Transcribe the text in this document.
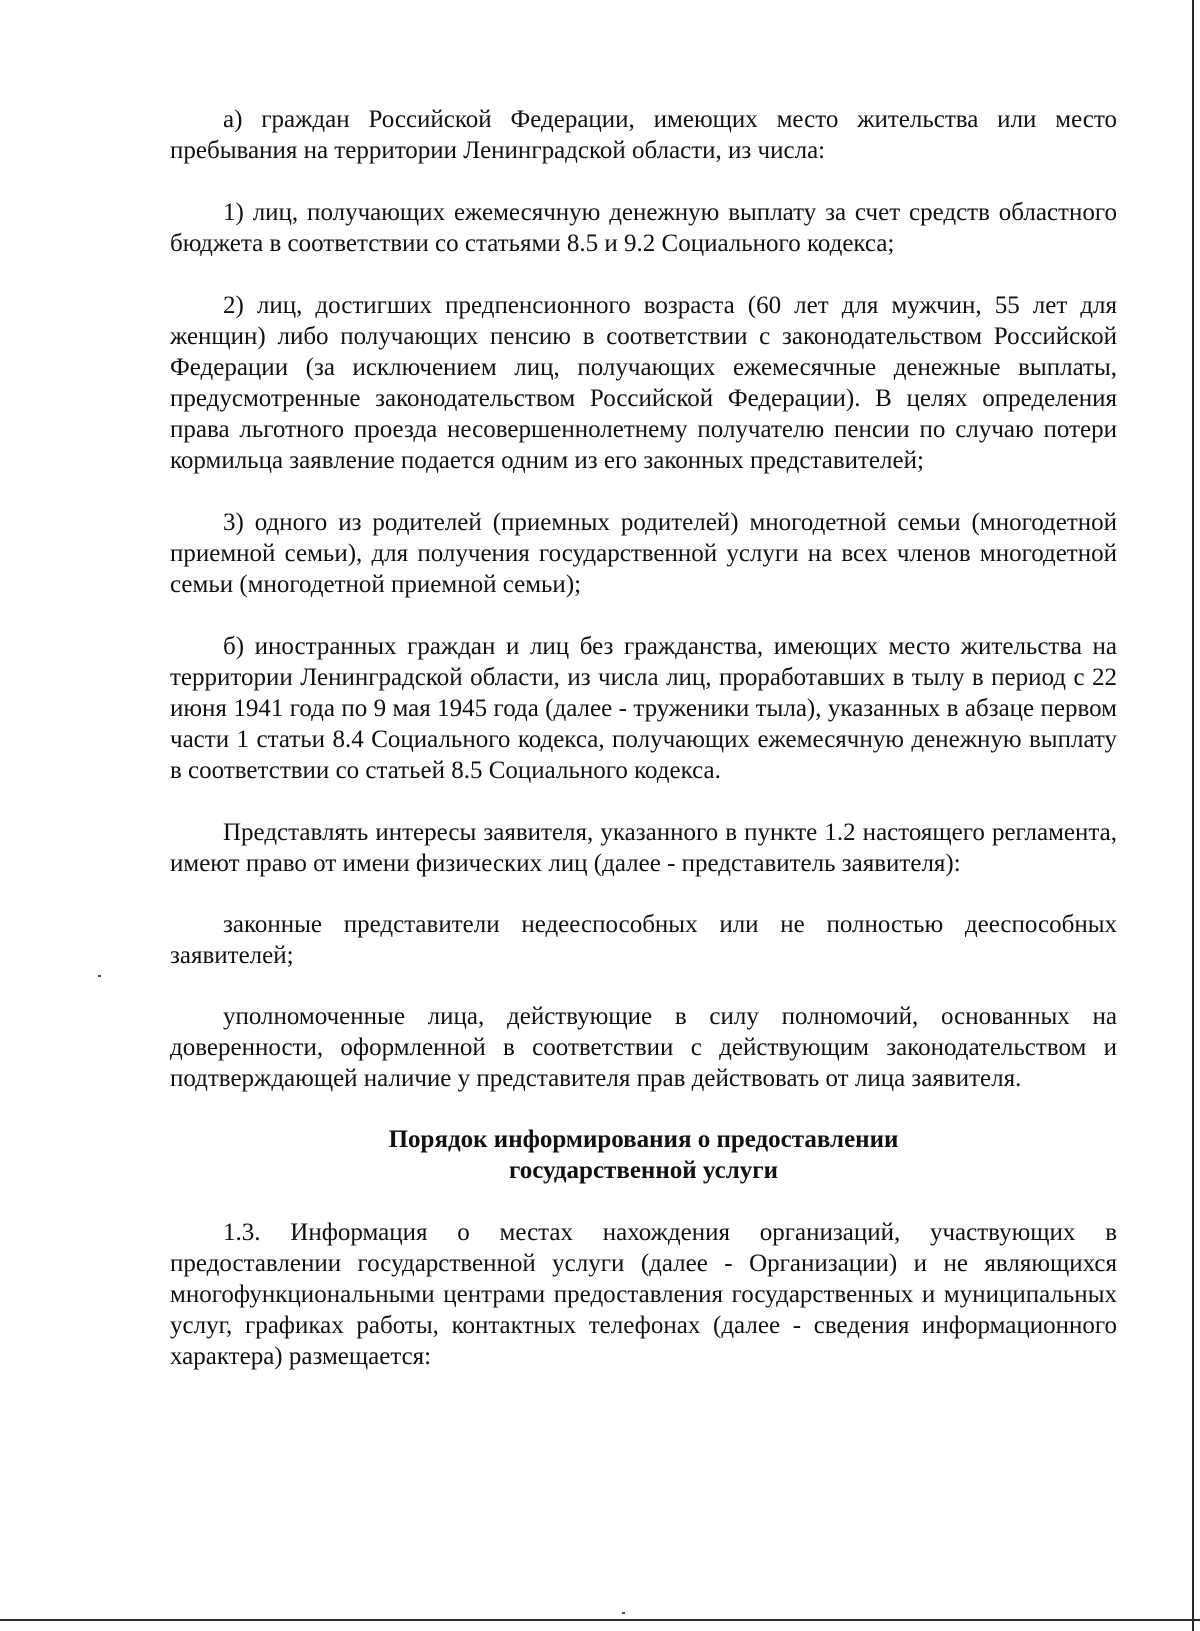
а) граждан Российской Федерации, имеющих место жительства или место пребывания на территории Ленинградской области, из числа:

1) лиц, получающих ежемесячную денежную выплату за счет средств областного бюджета в соответствии со статьями 8.5 и 9.2 Социального кодекса;

2) лиц, достигших предпенсионного возраста (60 лет для мужчин, 55 лет для женщин) либо получающих пенсию в соответствии с законодательством Российской Федерации (за исключением лиц, получающих ежемесячные денежные выплаты, предусмотренные законодательством Российской Федерации). В целях определения права льготного проезда несовершеннолетнему получателю пенсии по случаю потери кормильца заявление подается одним из его законных представителей;

3) одного из родителей (приемных родителей) многодетной семьи (многодетной приемной семьи), для получения государственной услуги на всех членов многодетной семьи (многодетной приемной семьи);

б) иностранных граждан и лиц без гражданства, имеющих место жительства на территории Ленинградской области, из числа лиц, проработавших в тылу в период с 22 июня 1941 года по 9 мая 1945 года (далее - труженики тыла), указанных в абзаце первом части 1 статьи 8.4 Социального кодекса, получающих ежемесячную денежную выплату в соответствии со статьей 8.5 Социального кодекса.

Представлять интересы заявителя, указанного в пункте 1.2 настоящего регламента, имеют право от имени физических лиц (далее - представитель заявителя):

законные представители недееспособных или не полностью дееспособных заявителей;

уполномоченные лица, действующие в силу полномочий, основанных на доверенности, оформленной в соответствии с действующим законодательством и подтверждающей наличие у представителя прав действовать от лица заявителя.

Порядок информирования о предоставлении
государственной услуги

1.3. Информация о местах нахождения организаций, участвующих в предоставлении государственной услуги (далее - Организации) и не являющихся многофункциональными центрами предоставления государственных и муниципальных услуг, графиках работы, контактных телефонах (далее - сведения информационного характера) размещается:
